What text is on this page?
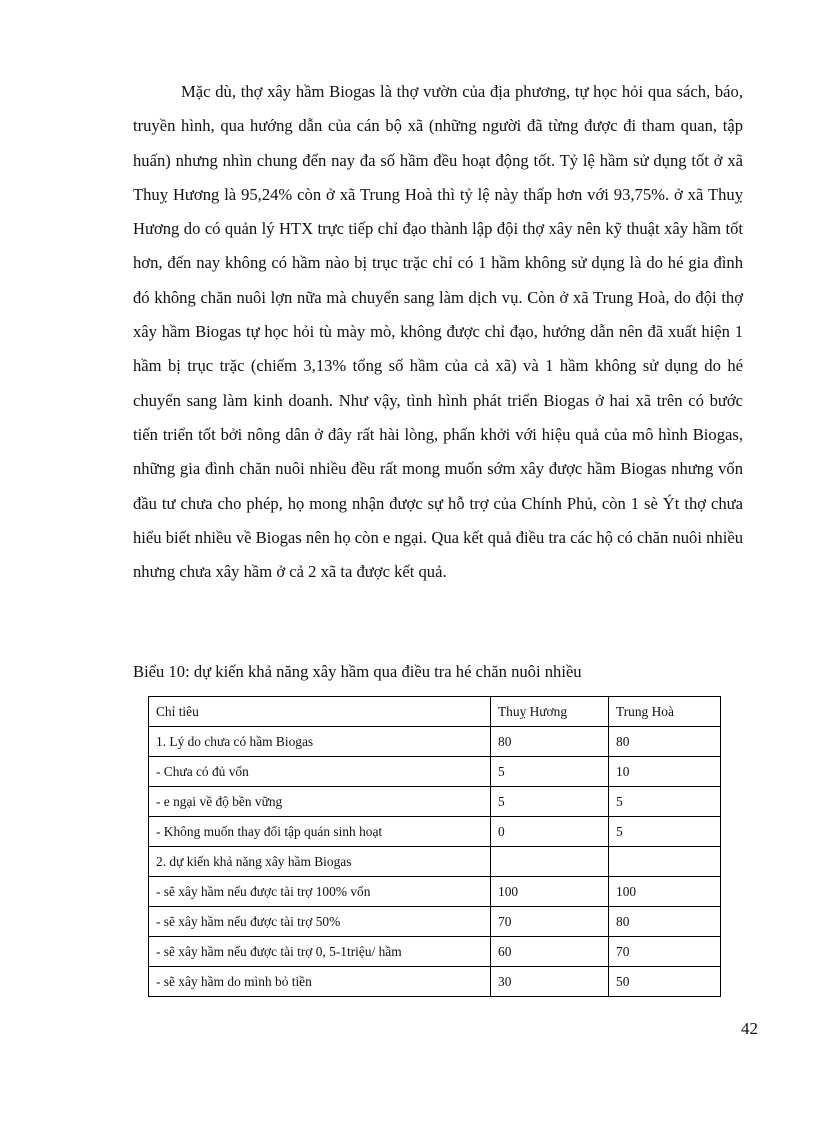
Mặc dù, thợ xây hầm Biogas là thợ vườn của địa phương, tự học hỏi qua sách, báo, truyền hình, qua hướng dẫn của cán bộ xã (những người đã từng được đi tham quan, tập huấn) nhưng nhìn chung đến nay đa số hầm đều hoạt động tốt. Tỷ lệ hầm sử dụng tốt ở xã Thuỵ Hương là 95,24% còn ở xã Trung Hoà thì tỷ lệ này thấp hơn với 93,75%. ở xã Thuỵ Hương do có quản lý HTX trực tiếp chỉ đạo thành lập đội thợ xây nên kỹ thuật xây hầm tốt hơn, đến nay không có hầm nào bị trục trặc chỉ có 1 hầm không sử dụng là do hé gia đình đó không chăn nuôi lợn nữa mà chuyển sang làm dịch vụ. Còn ở xã Trung Hoà, do đội thợ xây hầm Biogas tự học hỏi tù mày mò, không được chỉ đạo, hướng dẫn nên đã xuất hiện 1 hầm bị trục trặc (chiếm 3,13% tổng số hầm của cả xã) và 1 hầm không sử dụng do hé chuyển sang làm kinh doanh. Như vậy, tình hình phát triển Biogas ở hai xã trên có bước tiến triển tốt bởi nông dân ở đây rất hài lòng, phấn khởi với hiệu quả của mô hình Biogas, những gia đình chăn nuôi nhiều đều rất mong muốn sớm xây được hầm Biogas nhưng vốn đầu tư chưa cho phép, họ mong nhận được sự hỗ trợ của Chính Phủ, còn 1 sè Ýt thợ chưa hiểu biết nhiều về Biogas nên họ còn e ngại. Qua kết quả điều tra các hộ có chăn nuôi nhiều nhưng chưa xây hầm ở cả 2 xã ta được kết quả.

Biểu 10: dự kiến khả năng xây hầm qua điều tra hé chăn nuôi nhiều

Chỉ tiêu	Thuỵ Hương	Trung Hoà
1. Lý do chưa có hầm Biogas	80	80
- Chưa có đủ vốn	5	10
- e ngại về độ bền vững	5	5
- Không muốn thay đổi tập quán sinh hoạt	0	5
2. dự kiến khả năng xây hầm Biogas		
- sẽ xây hầm nếu được tài trợ 100% vốn	100	100
- sẽ xây hầm nếu được tài trợ 50%	70	80
- sẽ xây hầm nếu được tài trợ 0, 5-1triệu/ hầm	60	70
- sẽ xây hầm do mình bỏ tiền	30	50

42
